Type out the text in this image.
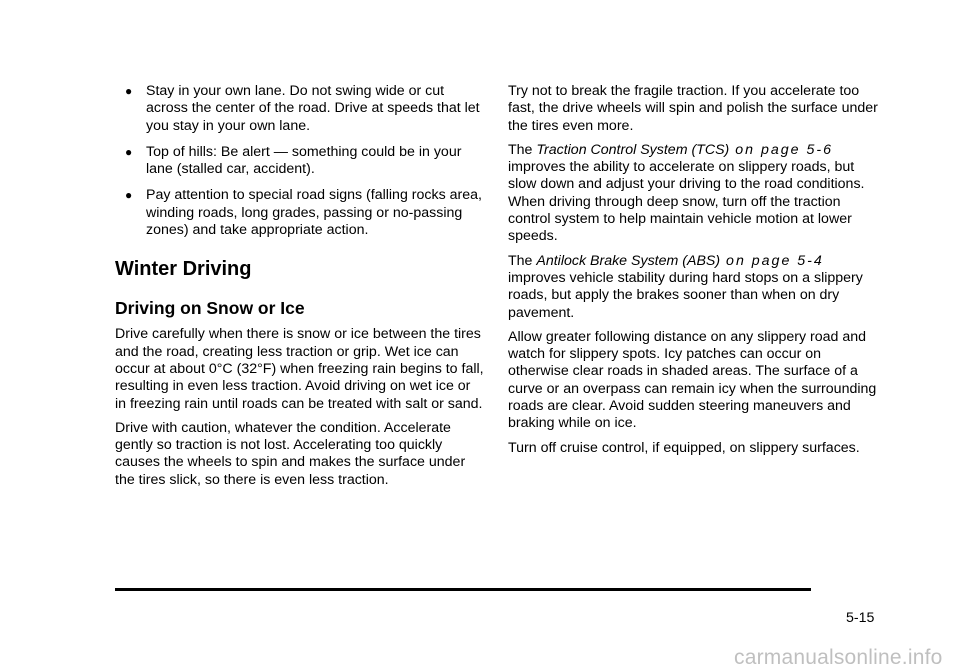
● Stay in your own lane. Do not swing wide or cut across the center of the road. Drive at speeds that let you stay in your own lane.
● Top of hills: Be alert — something could be in your lane (stalled car, accident).
● Pay attention to special road signs (falling rocks area, winding roads, long grades, passing or no-passing zones) and take appropriate action.
Winter Driving
Driving on Snow or Ice

Drive carefully when there is snow or ice between the tires and the road, creating less traction or grip. Wet ice can occur at about 0°C (32°F) when freezing rain begins to fall, resulting in even less traction. Avoid driving on wet ice or in freezing rain until roads can be treated with salt or sand.

Drive with caution, whatever the condition. Accelerate gently so traction is not lost. Accelerating too quickly causes the wheels to spin and makes the surface under the tires slick, so there is even less traction.

Try not to break the fragile traction. If you accelerate too fast, the drive wheels will spin and polish the surface under the tires even more.

The Traction Control System (TCS) on page 5-6 improves the ability to accelerate on slippery roads, but slow down and adjust your driving to the road conditions. When driving through deep snow, turn off the traction control system to help maintain vehicle motion at lower speeds.

The Antilock Brake System (ABS) on page 5-4 improves vehicle stability during hard stops on a slippery roads, but apply the brakes sooner than when on dry pavement.

Allow greater following distance on any slippery road and watch for slippery spots. Icy patches can occur on otherwise clear roads in shaded areas. The surface of a curve or an overpass can remain icy when the surrounding roads are clear. Avoid sudden steering maneuvers and braking while on ice.

Turn off cruise control, if equipped, on slippery surfaces.

5-15
carmanualsonline.info
